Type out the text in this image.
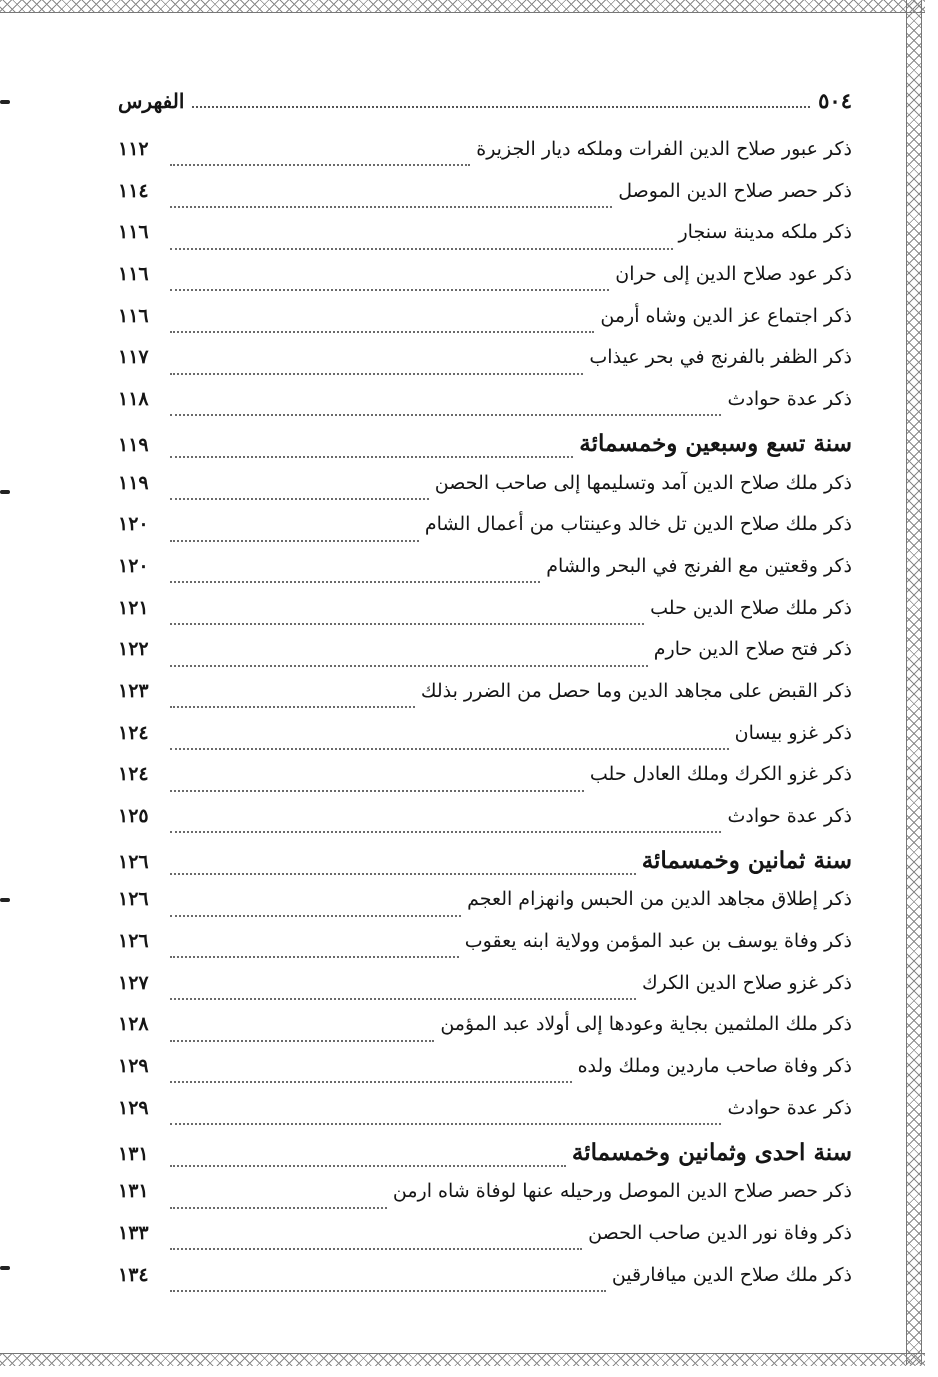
٥٠٤
الفهرس
ذكر عبور صلاح الدين الفرات وملكه ديار الجزيرة
١١٢
ذكر حصر صلاح الدين الموصل
١١٤
ذكر ملكه مدينة سنجار
١١٦
ذكر عود صلاح الدين إلى حران
١١٦
ذكر اجتماع عز الدين وشاه أرمن
١١٦
ذكر الظفر بالفرنج في بحر عيذاب
١١٧
ذكر عدة حوادث
١١٨
سنة تسع وسبعين وخمسمائة
١١٩
ذكر ملك صلاح الدين آمد وتسليمها إلى صاحب الحصن
١١٩
ذكر ملك صلاح الدين تل خالد وعينتاب من أعمال الشام
١٢٠
ذكر وقعتين مع الفرنج في البحر والشام
١٢٠
ذكر ملك صلاح الدين حلب
١٢١
ذكر فتح صلاح الدين حارم
١٢٢
ذكر القبض على مجاهد الدين وما حصل من الضرر بذلك
١٢٣
ذكر غزو بيسان
١٢٤
ذكر غزو الكرك وملك العادل حلب
١٢٤
ذكر عدة حوادث
١٢٥
سنة ثمانين وخمسمائة
١٢٦
ذكر إطلاق مجاهد الدين من الحبس وانهزام العجم
١٢٦
ذكر وفاة يوسف بن عبد المؤمن وولاية ابنه يعقوب
١٢٦
ذكر غزو صلاح الدين الكرك
١٢٧
ذكر ملك الملثمين بجاية وعودها إلى أولاد عبد المؤمن
١٢٨
ذكر وفاة صاحب ماردين وملك ولده
١٢٩
ذكر عدة حوادث
١٢٩
سنة احدى وثمانين وخمسمائة
١٣١
ذكر حصر صلاح الدين الموصل ورحيله عنها لوفاة شاه ارمن
١٣١
ذكر وفاة نور الدين صاحب الحصن
١٣٣
ذكر ملك صلاح الدين ميافارقين
١٣٤
